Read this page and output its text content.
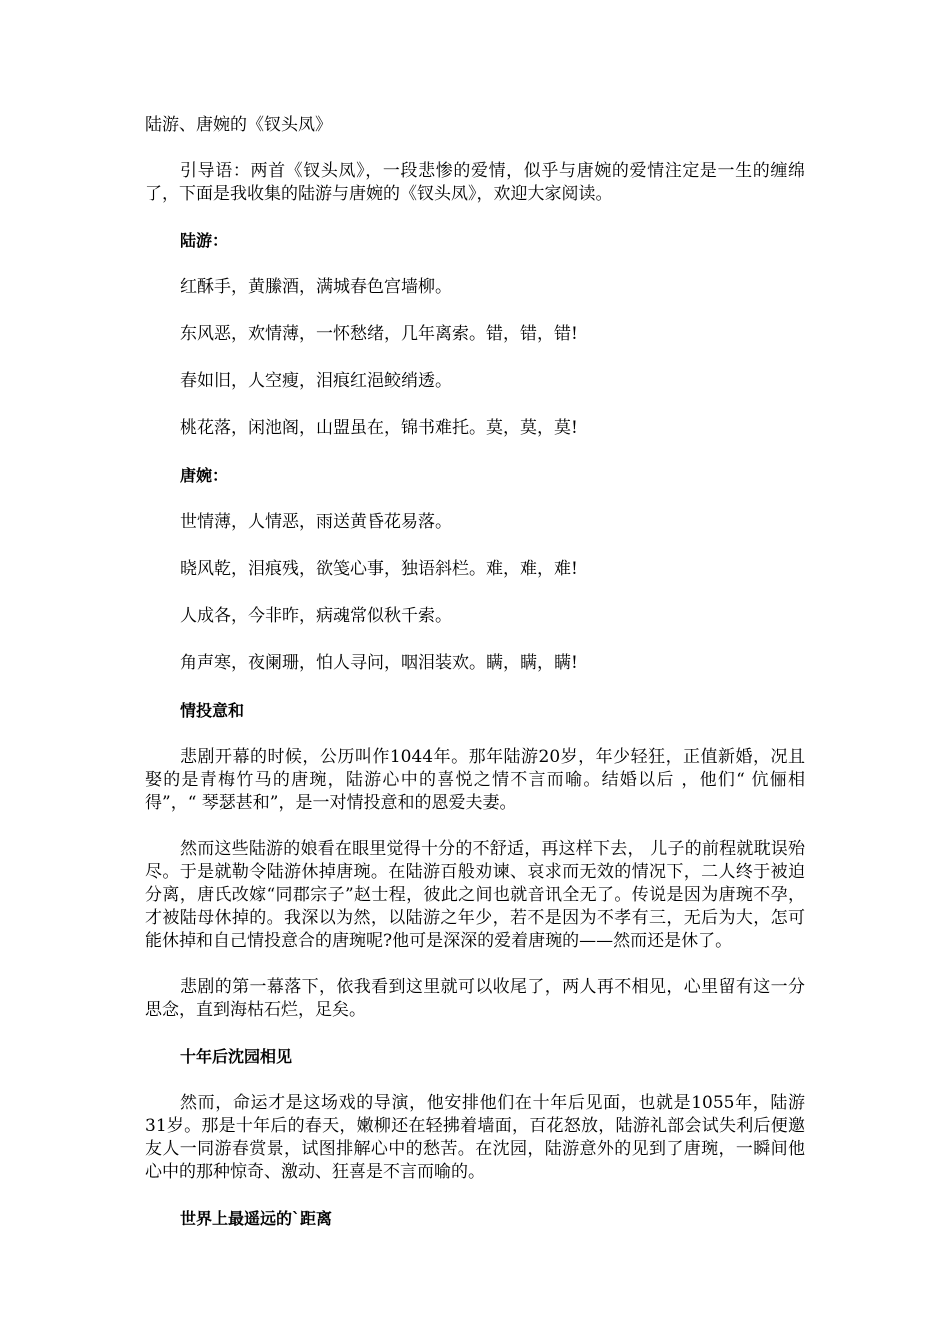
陆游、唐婉的《钗头凤》
引导语：两首《钗头凤》，一段悲惨的爱情，似乎与唐婉的爱情注定是一生的缠绵了，下面是我收集的陆游与唐婉的《钗头凤》，欢迎大家阅读。
陆游：
红酥手，黄縢酒，满城春色宫墙柳。
东风恶，欢情薄，一怀愁绪，几年离索。错，错，错!
春如旧，人空瘦，泪痕红浥鲛绡透。
桃花落，闲池阁，山盟虽在，锦书难托。莫，莫，莫!
唐婉：
世情薄，人情恶，雨送黄昏花易落。
晓风乾，泪痕残，欲笺心事，独语斜栏。难，难，难!
人成各，今非昨，病魂常似秋千索。
角声寒，夜阑珊，怕人寻问，咽泪装欢。瞒，瞒，瞒!
情投意和
悲剧开幕的时候，公历叫作1044年。那年陆游20岁，年少轻狂，正值新婚，况且娶的是青梅竹马的唐琬，陆游心中的喜悦之情不言而喻。结婚以后 ，他们“ 伉俪相得”，“ 琴瑟甚和”，是一对情投意和的恩爱夫妻。
然而这些陆游的娘看在眼里觉得十分的不舒适，再这样下去， 儿子的前程就耽误殆尽。于是就勒令陆游休掉唐琬。在陆游百般劝谏、哀求而无效的情况下，二人终于被迫分离，唐氏改嫁“同郡宗子”赵士程，彼此之间也就音讯全无了。传说是因为唐琬不孕，才被陆母休掉的。我深以为然，以陆游之年少，若不是因为不孝有三，无后为大，怎可能休掉和自己情投意合的唐琬呢?他可是深深的爱着唐琬的——然而还是休了。
悲剧的第一幕落下，依我看到这里就可以收尾了，两人再不相见，心里留有这一分思念，直到海枯石烂，足矣。
十年后沈园相见
然而，命运才是这场戏的导演，他安排他们在十年后见面，也就是1055年，陆游31岁。那是十年后的春天，嫩柳还在轻拂着墙面，百花怒放，陆游礼部会试失利后便邀友人一同游春赏景，试图排解心中的愁苦。在沈园，陆游意外的见到了唐琬，一瞬间他心中的那种惊奇、激动、狂喜是不言而喻的。
世界上最遥远的`距离
